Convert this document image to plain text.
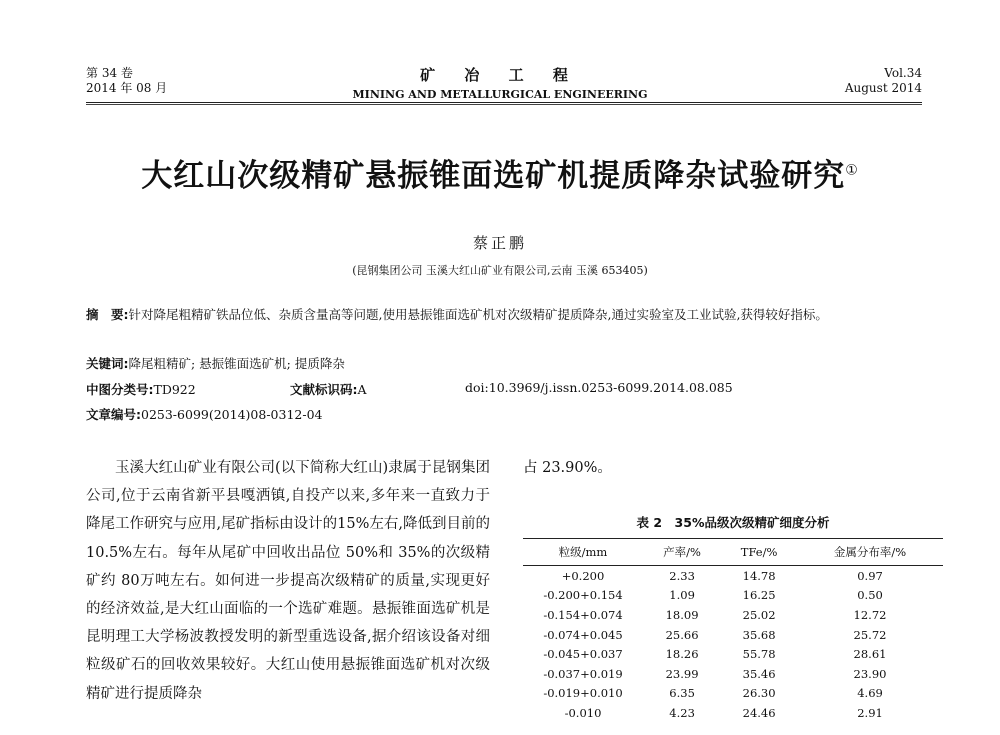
第 34 卷
2014 年 08 月
矿 冶 工 程
MINING AND METALLURGICAL ENGINEERING
Vol.34
August 2014
大红山次级精矿悬振锥面选矿机提质降杂试验研究①
蔡正鹏
(昆钢集团公司 玉溪大红山矿业有限公司,云南 玉溪 653405)
摘　要:针对降尾粗精矿铁品位低、杂质含量高等问题,使用悬振锥面选矿机对次级精矿提质降杂,通过实验室及工业试验,获得较好指标。
关键词:降尾粗精矿; 悬振锥面选矿机; 提质降杂
中图分类号:TD922	文献标识码:A	doi:10.3969/j.issn.0253-6099.2014.08.085
文章编号:0253-6099(2014)08-0312-04

玉溪大红山矿业有限公司(以下简称大红山)隶属于昆钢集团公司,位于云南省新平县嘎洒镇,自投产以来,多年来一直致力于降尾工作研究与应用,尾矿指标由设计的15%左右,降低到目前的10.5%左右。每年从尾矿中回收出品位 50%和 35%的次级精矿约 80万吨左右。如何进一步提高次级精矿的质量,实现更好的经济效益,是大红山面临的一个选矿难题。悬振锥面选矿机是昆明理工大学杨波教授发明的新型重选设备,据介绍该设备对细粒级矿石的回收效果较好。大红山使用悬振锥面选矿机对次级精矿进行提质降杂

占 23.90%。
表 2　35%品级次级精矿细度分析
粒级/mm	产率/%	TFe/%	金属分布率/%
+0.200	2.33	14.78	0.97
-0.200+0.154	1.09	16.25	0.50
-0.154+0.074	18.09	25.02	12.72
-0.074+0.045	25.66	35.68	25.72
-0.045+0.037	18.26	55.78	28.61
-0.037+0.019	23.99	35.46	23.90
-0.019+0.010	6.35	26.30	4.69
-0.010	4.23	24.46	2.91
